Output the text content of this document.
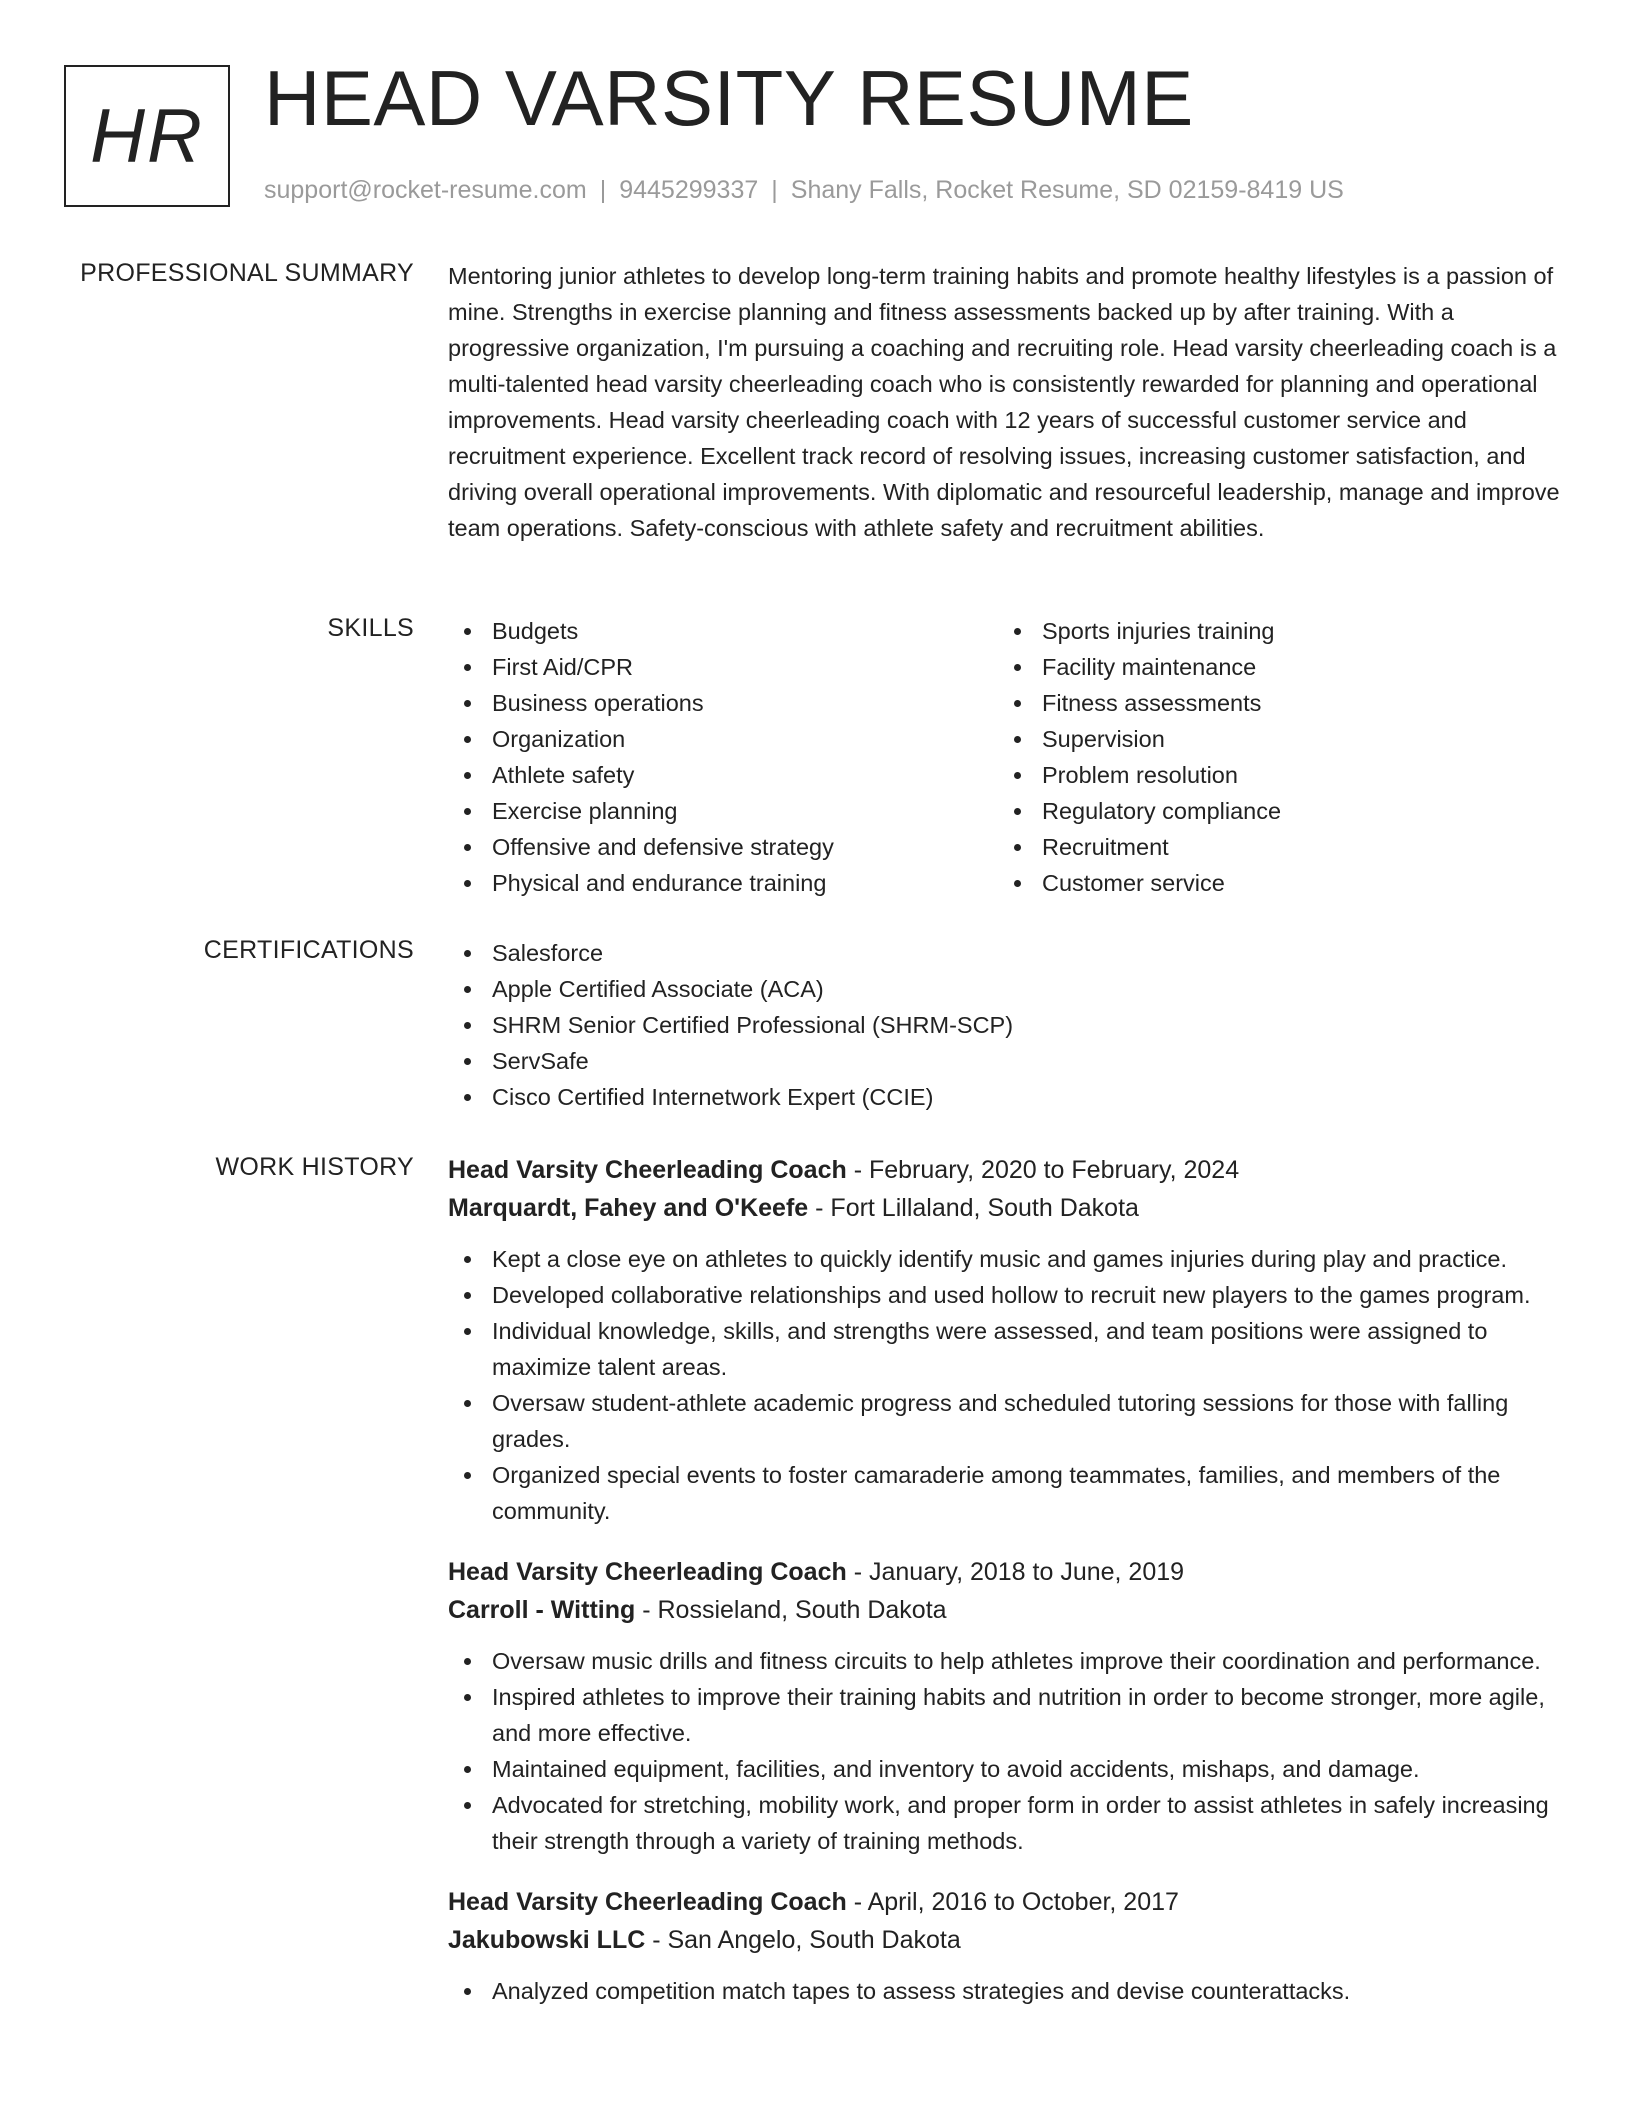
HR HEAD VARSITY RESUME
support@rocket-resume.com | 9445299337 | Shany Falls, Rocket Resume, SD 02159-8419 US
PROFESSIONAL SUMMARY Mentoring junior athletes to develop long-term training habits and promote healthy lifestyles is a passion of mine. Strengths in exercise planning and fitness assessments backed up by after training. With a progressive organization, I'm pursuing a coaching and recruiting role. Head varsity cheerleading coach is a multi-talented head varsity cheerleading coach who is consistently rewarded for planning and operational improvements. Head varsity cheerleading coach with 12 years of successful customer service and recruitment experience. Excellent track record of resolving issues, increasing customer satisfaction, and driving overall operational improvements. With diplomatic and resourceful leadership, manage and improve team operations. Safety-conscious with athlete safety and recruitment abilities.

SKILLS	Budgets
First Aid/CPR
Business operations
Organization
Athlete safety
Exercise planning
Offensive and defensive strategy
Physical and endurance training
Sports injuries training
Facility maintenance
Fitness assessments
Supervision
Problem resolution
Regulatory compliance
Recruitment
Customer service
CERTIFICATIONS	Salesforce
Apple Certified Associate (ACA)
SHRM Senior Certified Professional (SHRM-SCP)
ServSafe
Cisco Certified Internetwork Expert (CCIE)
WORK HISTORY Head Varsity Cheerleading Coach - February, 2020 to February, 2024
Marquardt, Fahey and O'Keefe - Fort Lillaland, South Dakota
Kept a close eye on athletes to quickly identify music and games injuries during play and practice.
Developed collaborative relationships and used hollow to recruit new players to the games program.
Individual knowledge, skills, and strengths were assessed, and team positions were assigned to maximize talent areas.
Oversaw student-athlete academic progress and scheduled tutoring sessions for those with falling grades.
Organized special events to foster camaraderie among teammates, families, and members of the community.
Head Varsity Cheerleading Coach - January, 2018 to June, 2019
Carroll - Witting - Rossieland, South Dakota
Oversaw music drills and fitness circuits to help athletes improve their coordination and performance.
Inspired athletes to improve their training habits and nutrition in order to become stronger, more agile, and more effective.
Maintained equipment, facilities, and inventory to avoid accidents, mishaps, and damage.
Advocated for stretching, mobility work, and proper form in order to assist athletes in safely increasing their strength through a variety of training methods.
Head Varsity Cheerleading Coach - April, 2016 to October, 2017
Jakubowski LLC - San Angelo, South Dakota
Analyzed competition match tapes to assess strategies and devise counterattacks.
